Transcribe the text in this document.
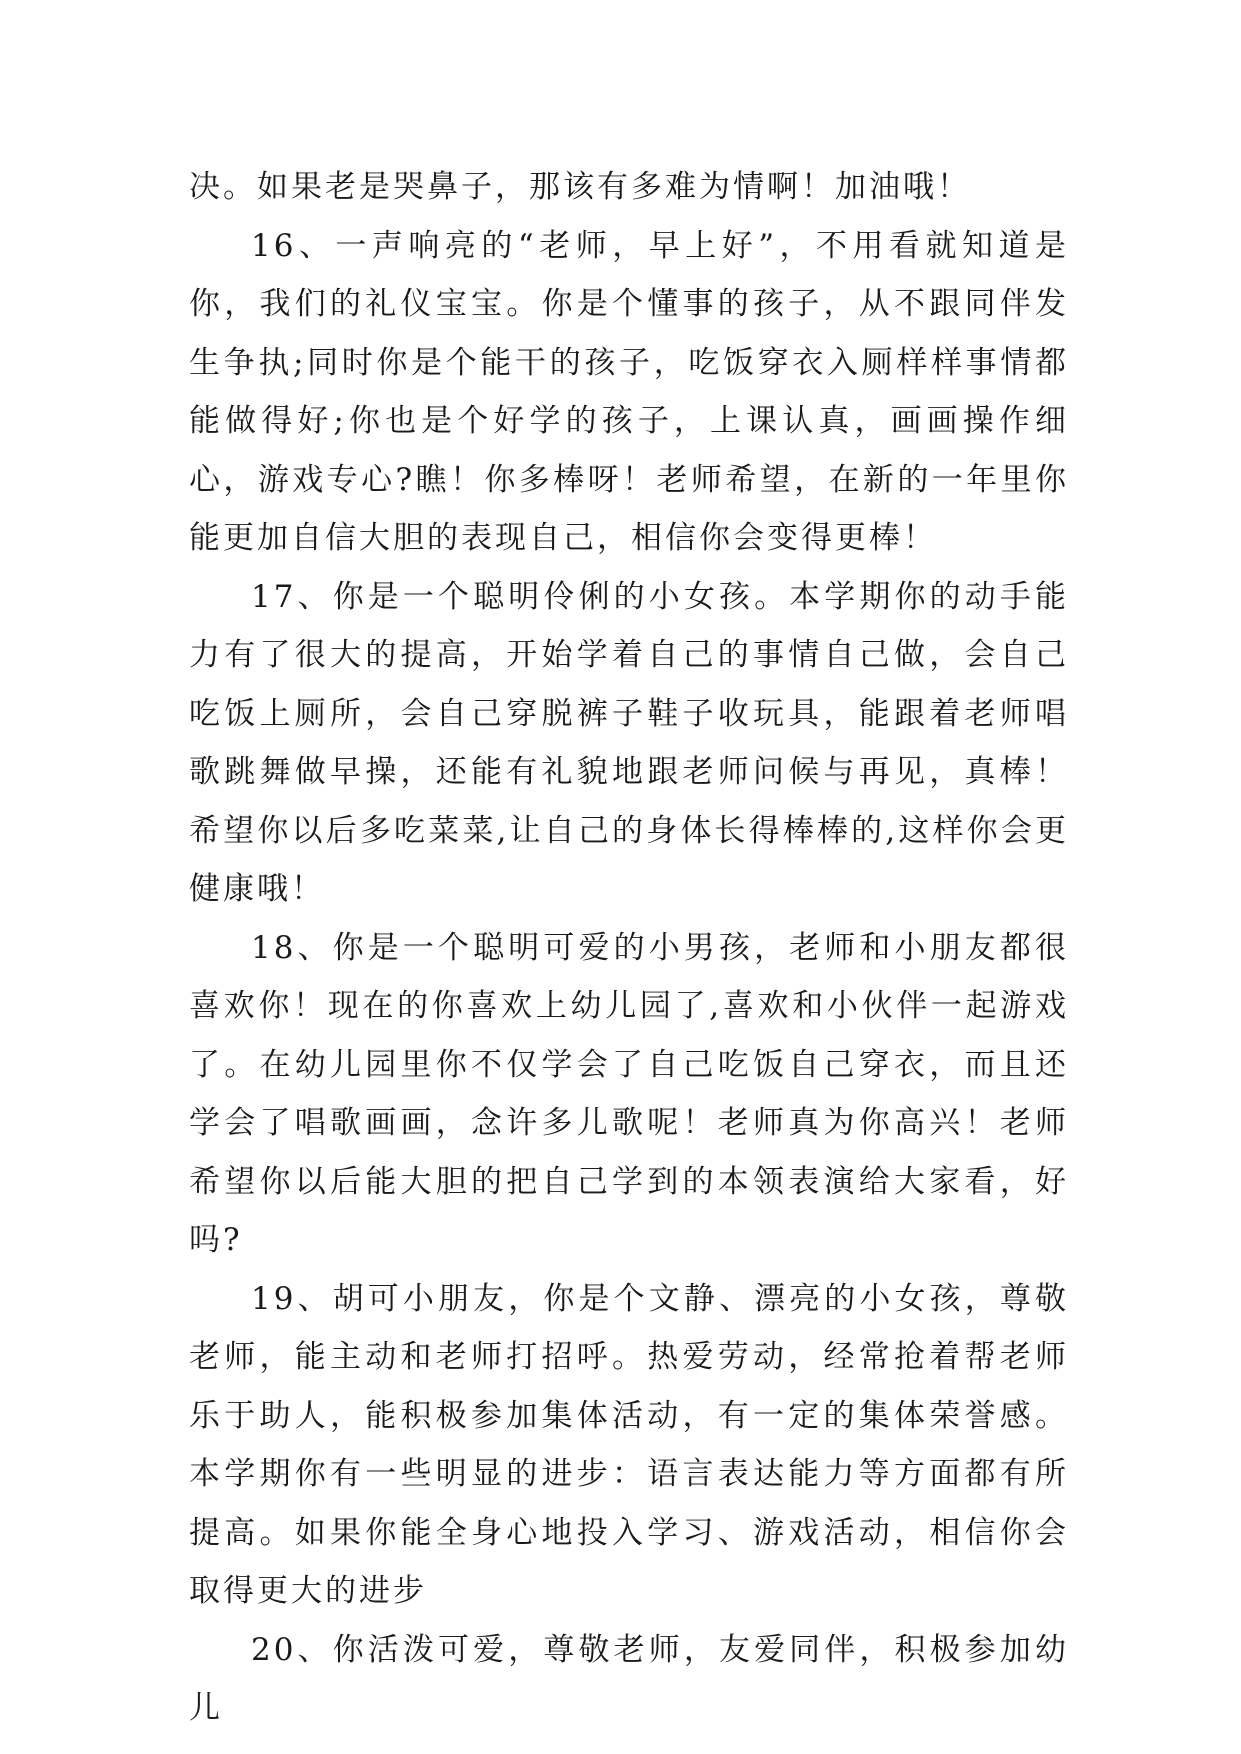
决。如果老是哭鼻子，那该有多难为情啊！加油哦！

16、一声响亮的“老师，早上好”，不用看就知道是你，我们的礼仪宝宝。你是个懂事的孩子，从不跟同伴发生争执;同时你是个能干的孩子，吃饭穿衣入厕样样事情都能做得好;你也是个好学的孩子，上课认真，画画操作细心，游戏专心?瞧！你多棒呀！老师希望，在新的一年里你能更加自信大胆的表现自己，相信你会变得更棒！

17、你是一个聪明伶俐的小女孩。本学期你的动手能力有了很大的提高，开始学着自己的事情自己做，会自己吃饭上厕所，会自己穿脱裤子鞋子收玩具，能跟着老师唱歌跳舞做早操，还能有礼貌地跟老师问候与再见，真棒！希望你以后多吃菜菜,让自己的身体长得棒棒的,这样你会更健康哦！

18、你是一个聪明可爱的小男孩，老师和小朋友都很喜欢你！现在的你喜欢上幼儿园了,喜欢和小伙伴一起游戏了。在幼儿园里你不仅学会了自己吃饭自己穿衣，而且还学会了唱歌画画，念许多儿歌呢！老师真为你高兴！老师希望你以后能大胆的把自己学到的本领表演给大家看，好吗?

19、胡可小朋友，你是个文静、漂亮的小女孩，尊敬老师，能主动和老师打招呼。热爱劳动，经常抢着帮老师乐于助人，能积极参加集体活动，有一定的集体荣誉感。本学期你有一些明显的进步：语言表达能力等方面都有所提高。如果你能全身心地投入学习、游戏活动，相信你会取得更大的进步

20、你活泼可爱，尊敬老师，友爱同伴，积极参加幼儿
